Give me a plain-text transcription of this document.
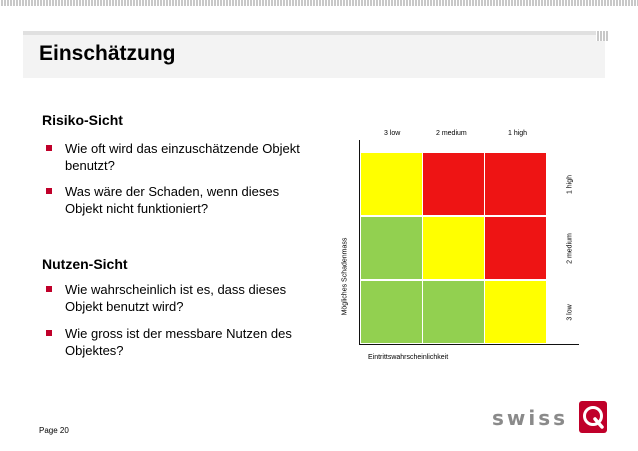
Einschätzung
Risiko-Sicht
Wie oft wird das einzuschätzende Objekt benutzt?
Was wäre der Schaden, wenn dieses Objekt nicht funktioniert?
Nutzen-Sicht
Wie wahrscheinlich ist es, dass dieses Objekt benutzt wird?
Wie gross ist der messbare Nutzen des Objektes?
3 low	2 medium	1 high
1 high
2 medium
3 low
Mögliches Schadenmass
Eintrittswahrscheinlichkeit
Page 20
swiss
